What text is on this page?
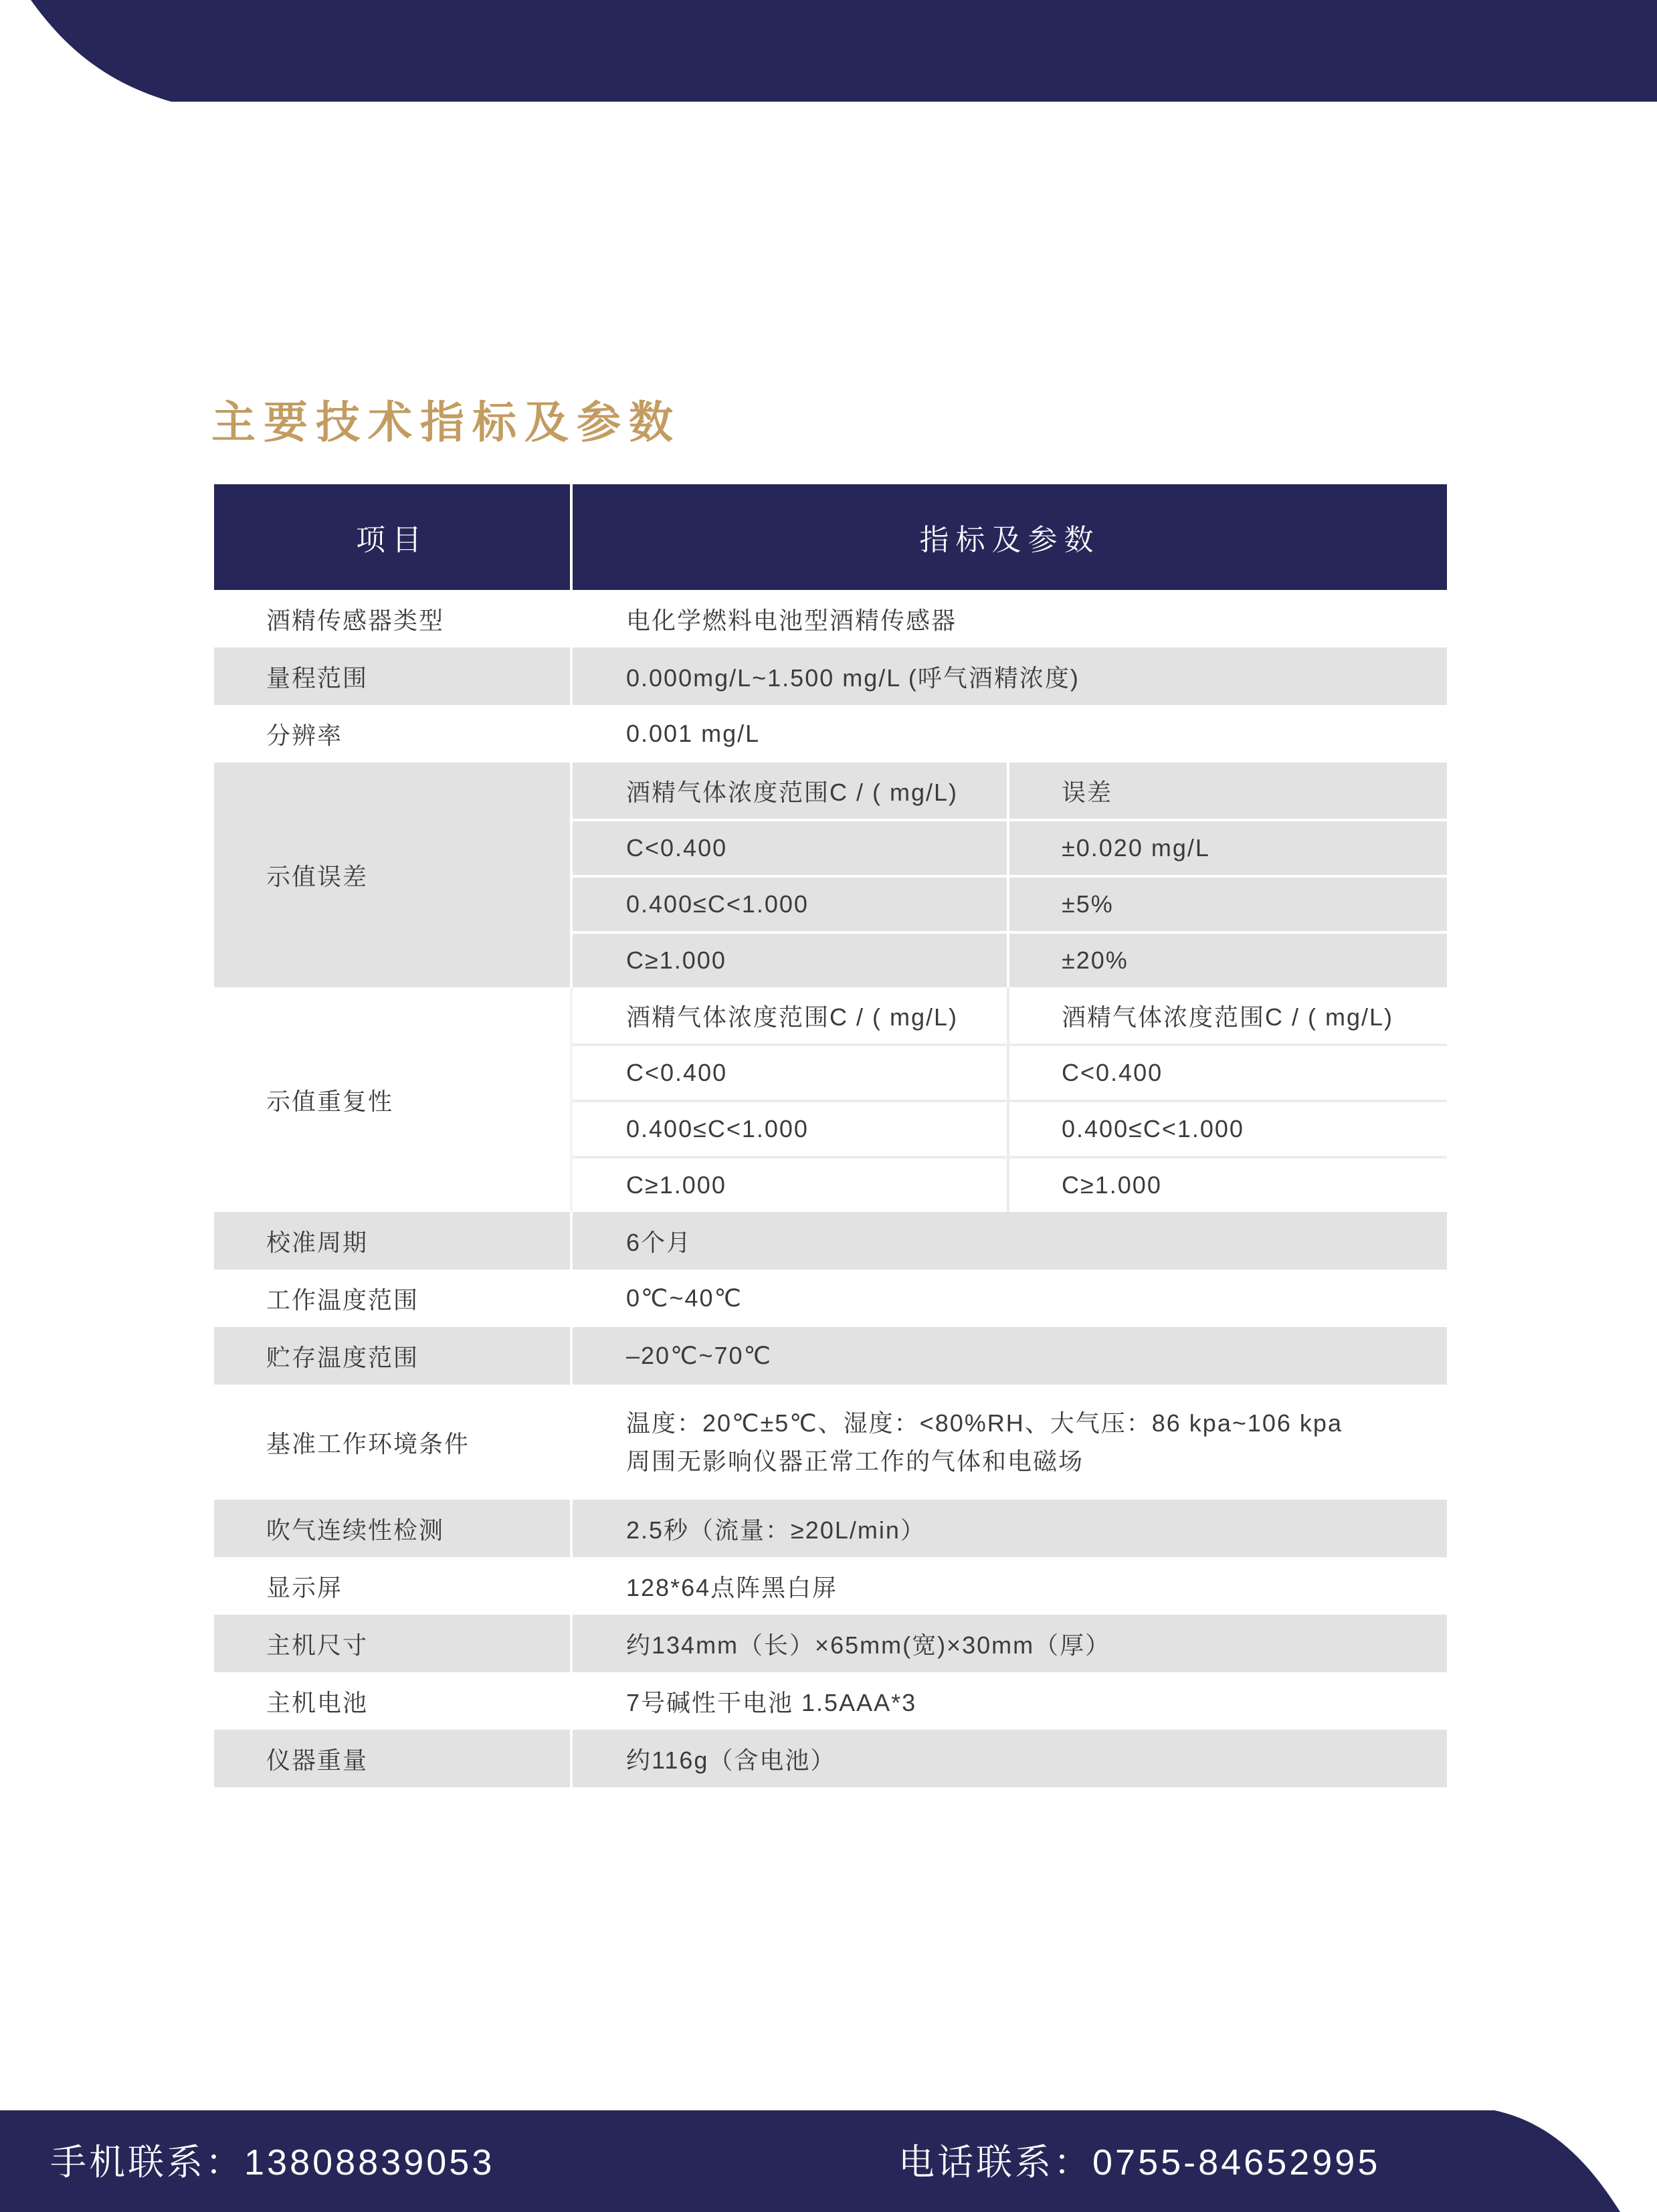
主要技术指标及参数
项目	指标及参数
酒精传感器类型	电化学燃料电池型酒精传感器
量程范围	0.000mg/L~1.500 mg/L (呼气酒精浓度)
分辨率	0.001 mg/L
示值误差
酒精气体浓度范围C / ( mg/L)	误差
C<0.400	±0.020 mg/L
0.400≤C<1.000	±5%
C≥1.000	±20%
示值重复性
酒精气体浓度范围C / ( mg/L)	酒精气体浓度范围C / ( mg/L)
C<0.400	C<0.400
0.400≤C<1.000	0.400≤C<1.000
C≥1.000	C≥1.000
校准周期	6个月
工作温度范围	0℃~40℃
贮存温度范围	–20℃~70℃
基准工作环境条件
温度：20℃±5℃、湿度：<80%RH、大气压：86 kpa~106 kpa
周围无影响仪器正常工作的气体和电磁场
吹气连续性检测	2.5秒（流量：≥20L/min）
显示屏	128*64点阵黑白屏
主机尺寸	约134mm（长）×65mm(宽)×30mm（厚）
主机电池	7号碱性干电池 1.5AAA*3
仪器重量	约116g（含电池）
手机联系：13808839053	电话联系：0755-84652995
